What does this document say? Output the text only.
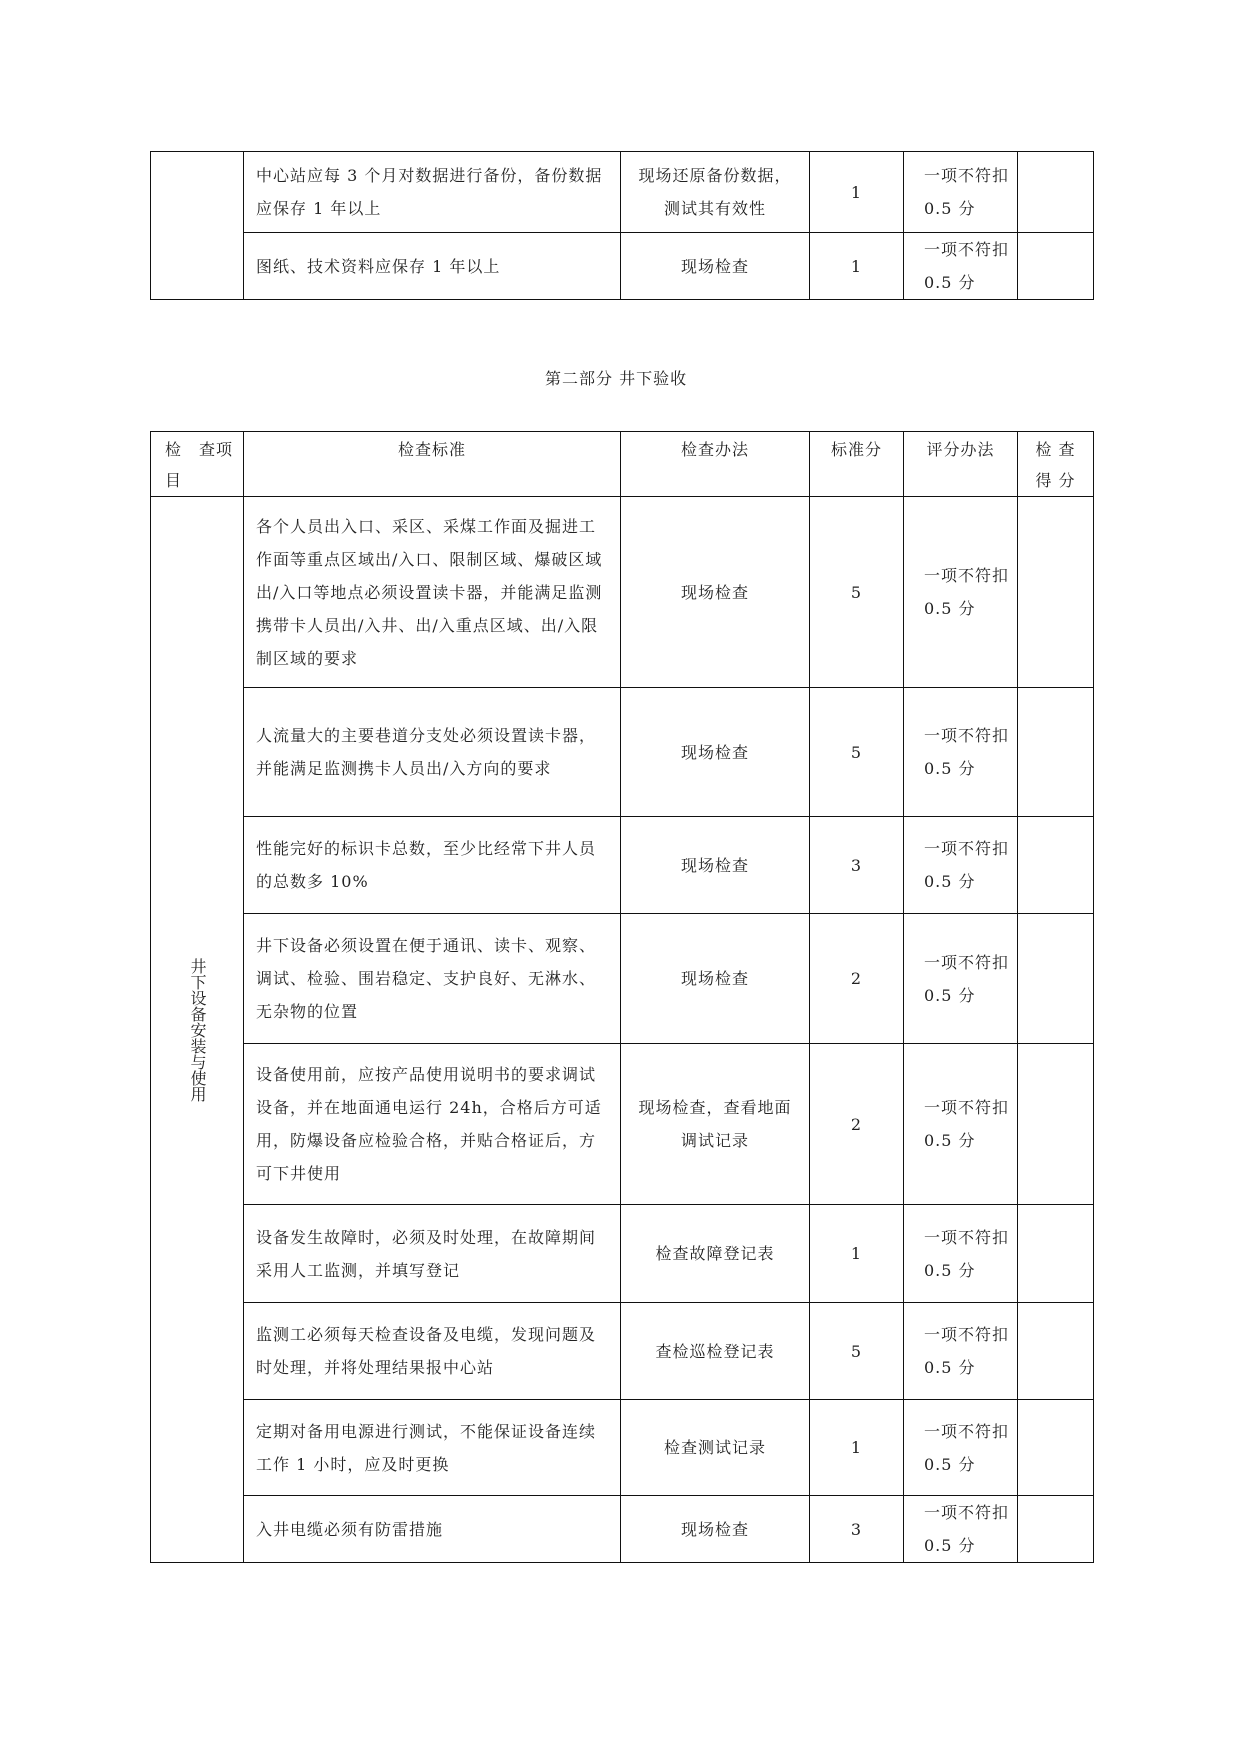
	中心站应每 3 个月对数据进行备份，备份数据应保存 1 年以上	现场还原备份数据，测试其有效性	1	一项不符扣 0.5 分	
	图纸、技术资料应保存 1 年以上	现场检查	1	一项不符扣 0.5 分	
第二部分 井下验收
检　查项目	检查标准	检查办法	标准分	评分办法	检 查 得 分

井下设备安装与使用	各个人员出入口、采区、采煤工作面及掘进工作面等重点区域出/入口、限制区域、爆破区域出/入口等地点必须设置读卡器，并能满足监测携带卡人员出/入井、出/入重点区域、出/入限制区域的要求	现场检查	5	一项不符扣 0.5 分	
	人流量大的主要巷道分支处必须设置读卡器，并能满足监测携卡人员出/入方向的要求	现场检查	5	一项不符扣 0.5 分	
	性能完好的标识卡总数，至少比经常下井人员的总数多 10%	现场检查	3	一项不符扣 0.5 分	
	井下设备必须设置在便于通讯、读卡、观察、调试、检验、围岩稳定、支护良好、无淋水、无杂物的位置	现场检查	2	一项不符扣 0.5 分	
	设备使用前，应按产品使用说明书的要求调试设备，并在地面通电运行 24h，合格后方可适用，防爆设备应检验合格，并贴合格证后，方可下井使用	现场检查，查看地面调试记录	2	一项不符扣 0.5 分	
	设备发生故障时，必须及时处理，在故障期间采用人工监测，并填写登记	检查故障登记表	1	一项不符扣 0.5 分	
	监测工必须每天检查设备及电缆，发现问题及时处理，并将处理结果报中心站	查检巡检登记表	5	一项不符扣 0.5 分	
	定期对备用电源进行测试，不能保证设备连续工作 1 小时，应及时更换	检查测试记录	1	一项不符扣 0.5 分	
	入井电缆必须有防雷措施	现场检查	3	一项不符扣 0.5 分	
